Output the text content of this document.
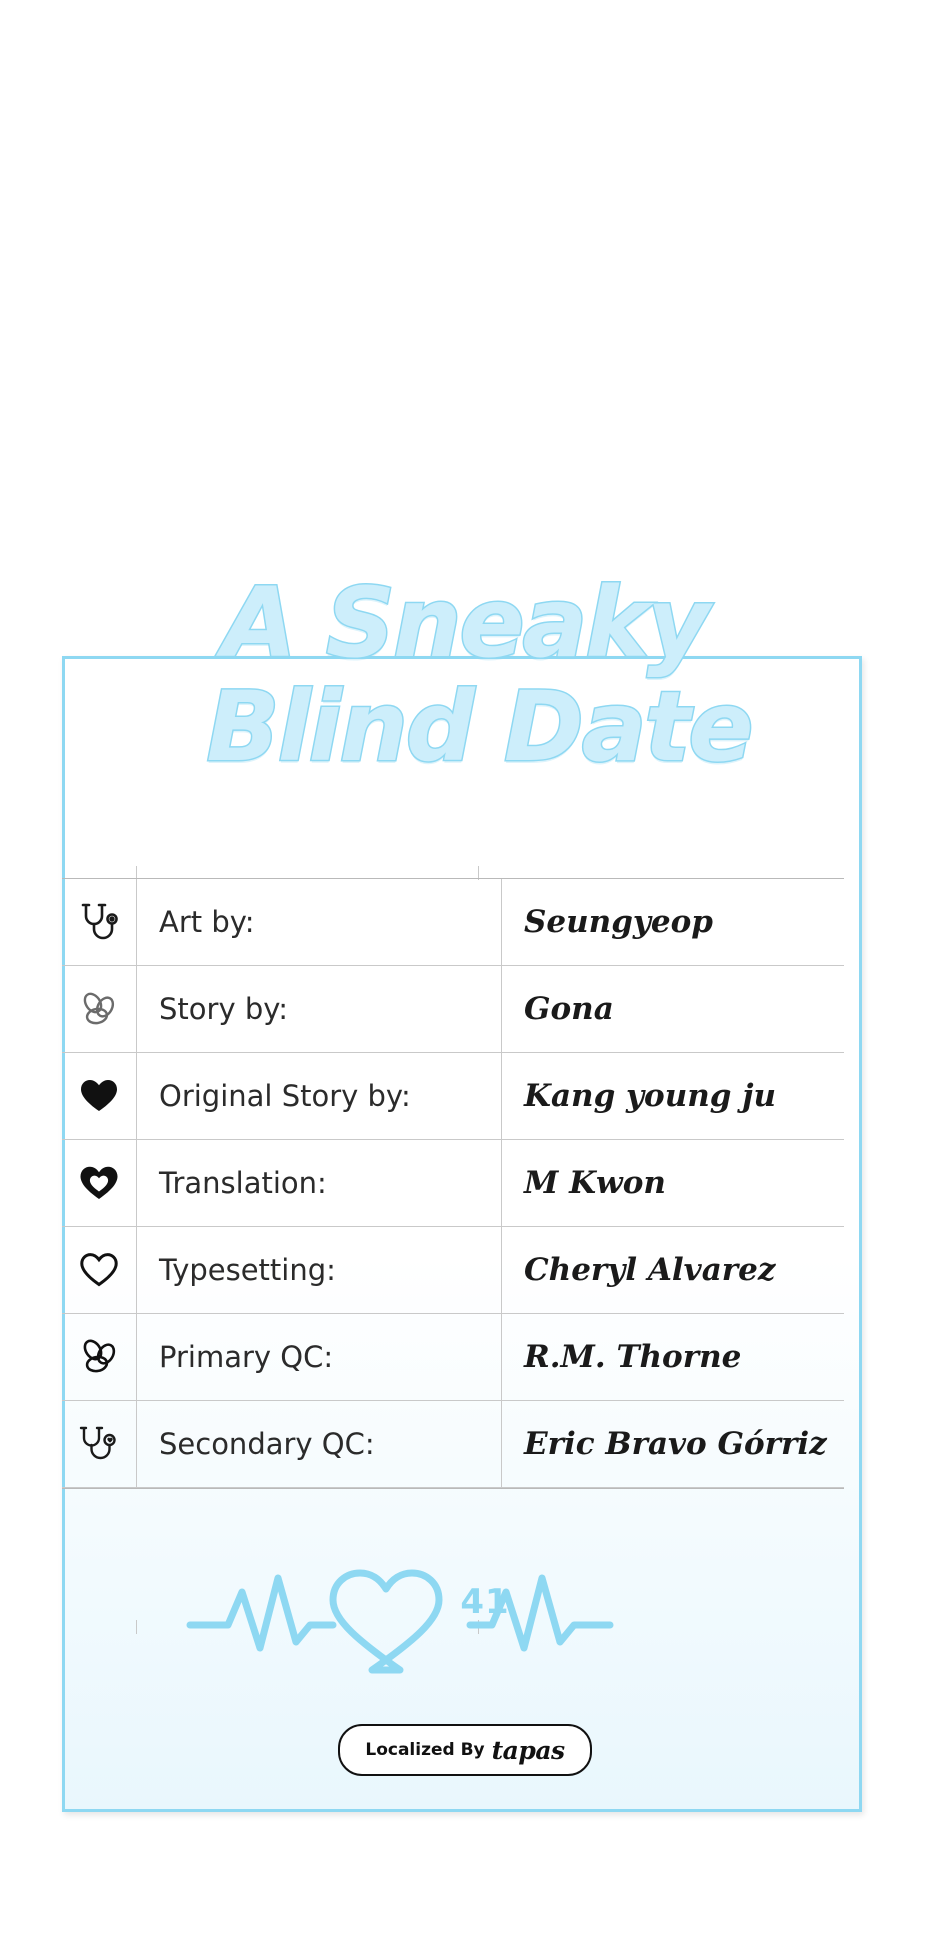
A Sneaky
Blind Date
Art by:	Seungyeop
Story by:	Gona
Original Story by:	Kang young ju
Translation:	M Kwon
Typesetting:	Cheryl Alvarez
Primary QC:	R.M. Thorne
Secondary QC:	Eric Bravo Górriz
41
Localized By tapas
